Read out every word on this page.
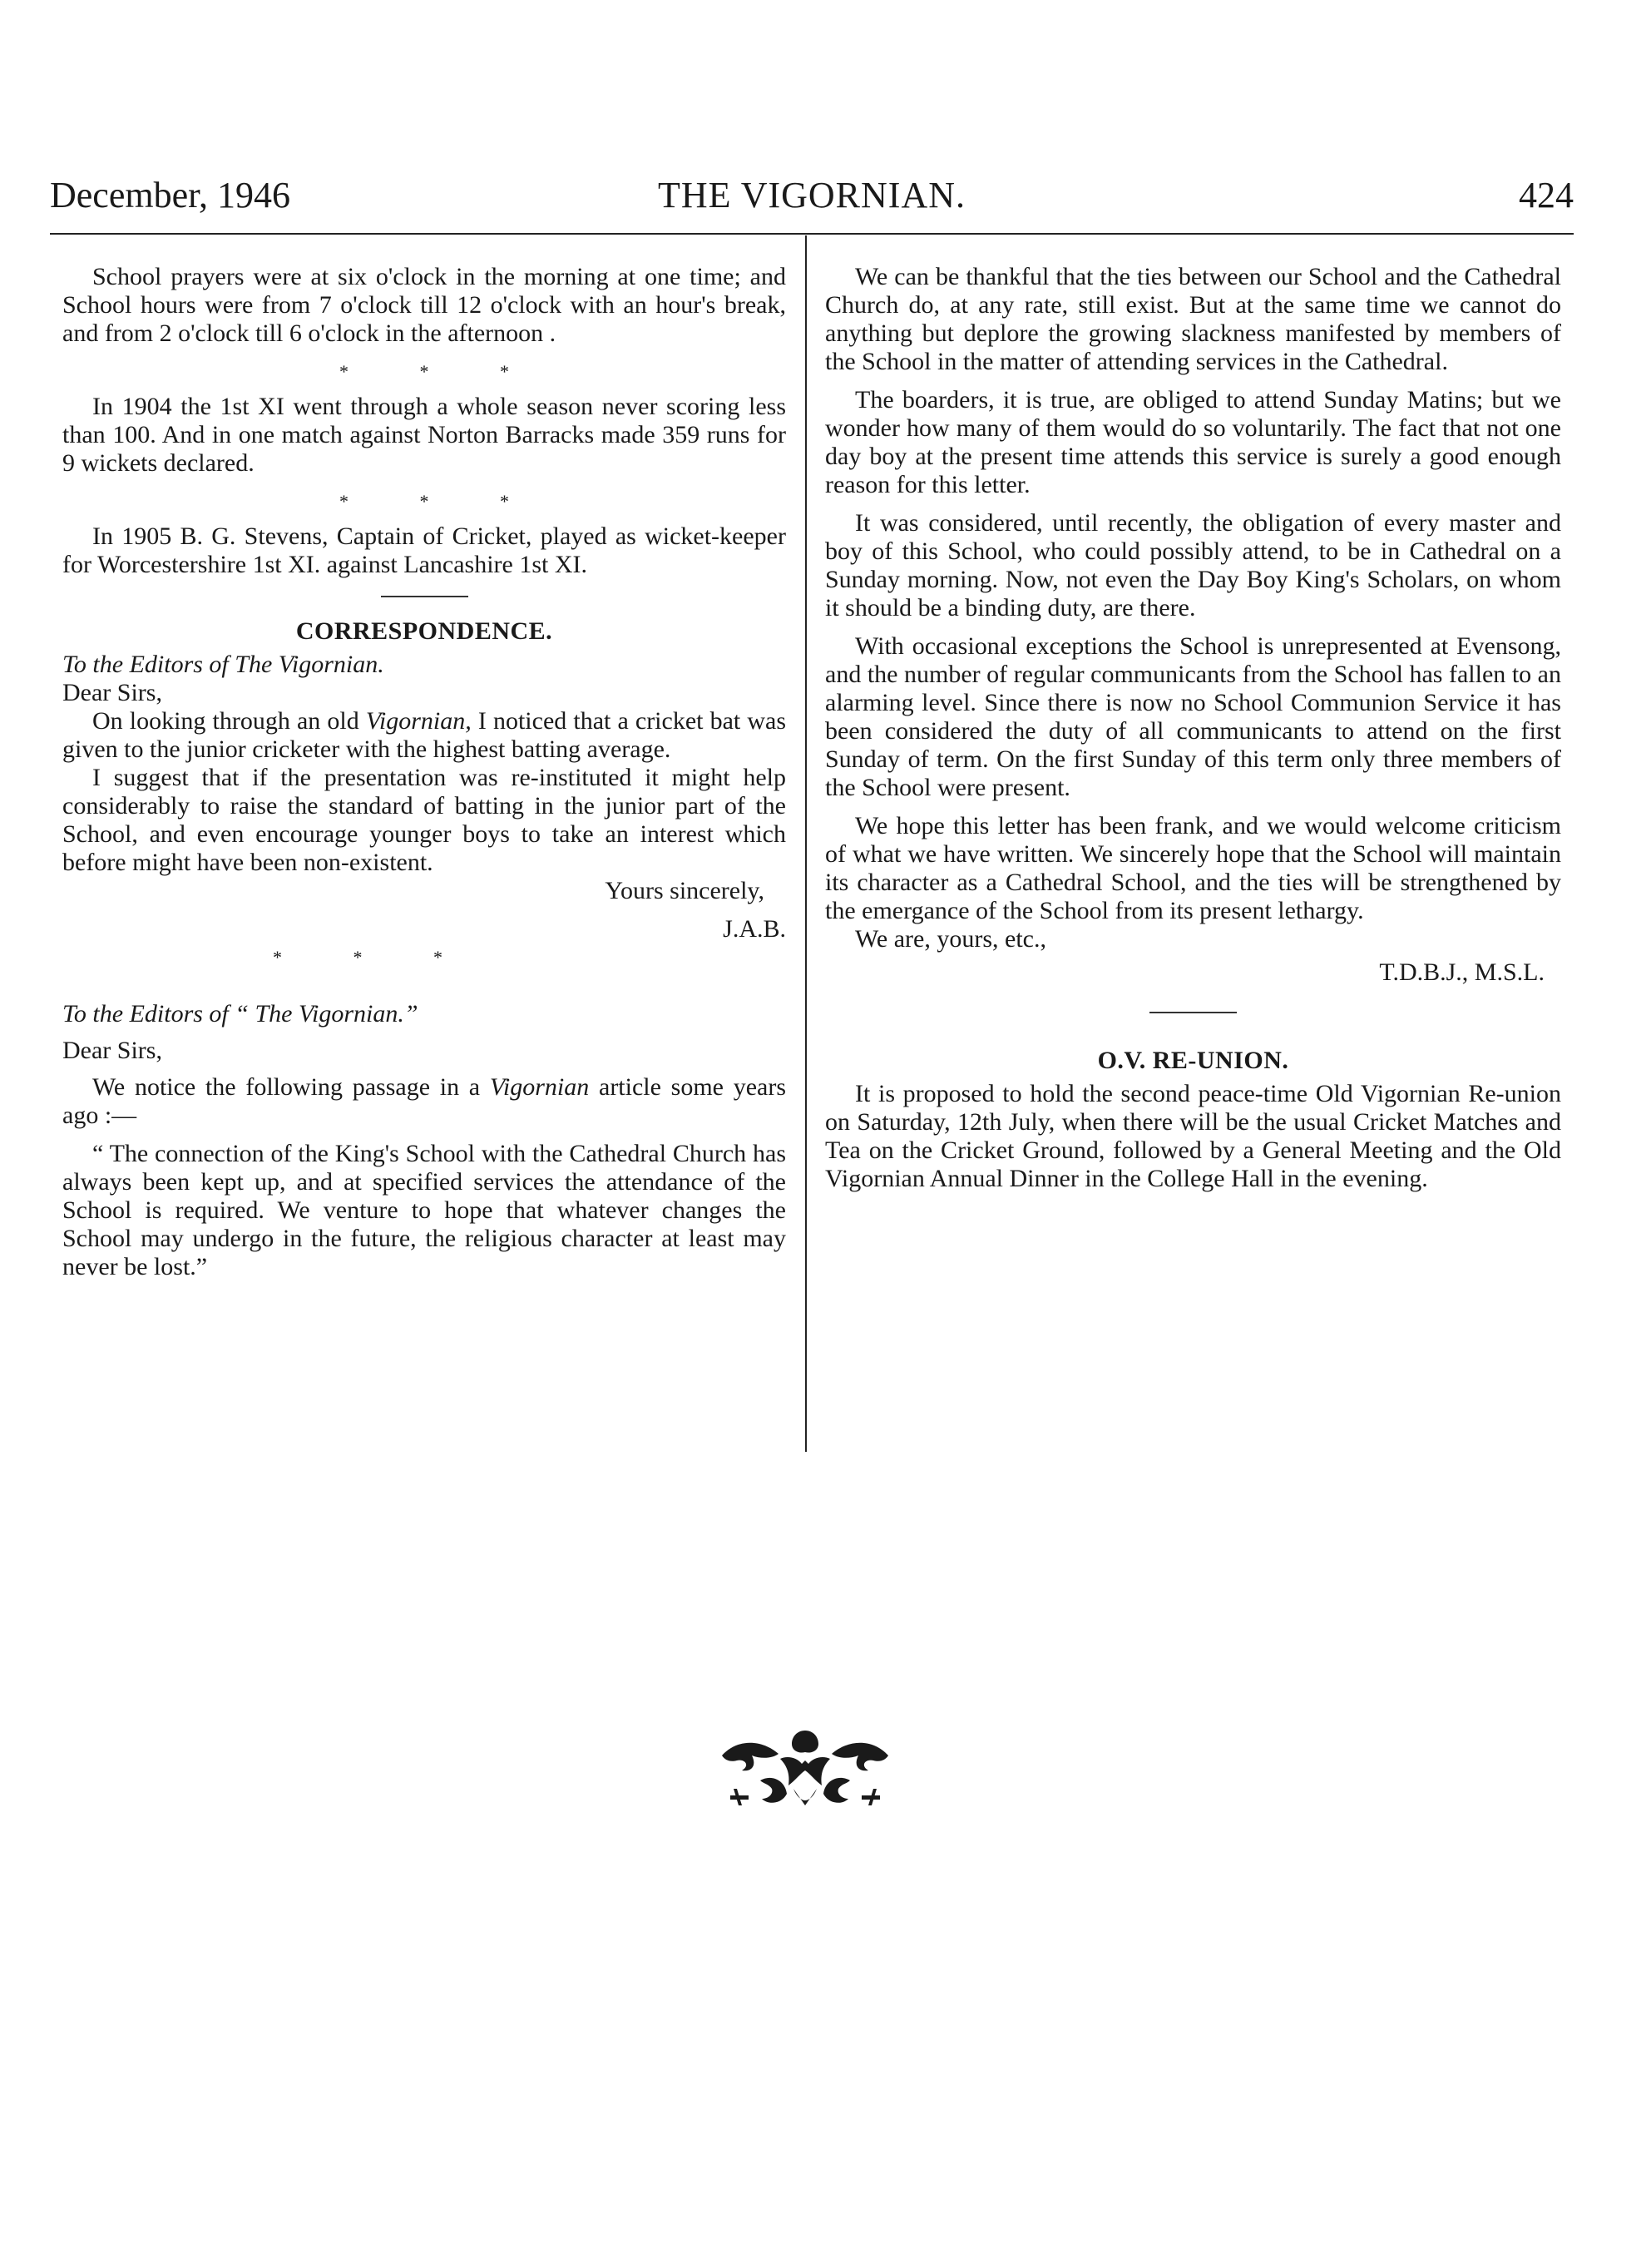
December, 1946	THE VIGORNIAN.	424

School prayers were at six o'clock in the morning at one time; and School hours were from 7 o'clock till 12 o'clock with an hour's break, and from 2 o'clock till 6 o'clock in the afternoon .

* * *

In 1904 the 1st XI went through a whole season never scoring less than 100. And in one match against Norton Barracks made 359 runs for 9 wickets declared.

* * *

In 1905 B. G. Stevens, Captain of Cricket, played as wicket-keeper for Worcestershire 1st XI. against Lancashire 1st XI.

CORRESPONDENCE.

To the Editors of The Vigornian.

Dear Sirs,

On looking through an old Vigornian, I noticed that a cricket bat was given to the junior cricketer with the highest batting average.

I suggest that if the presentation was re-instituted it might help considerably to raise the standard of batting in the junior part of the School, and even encourage younger boys to take an interest which before might have been non-existent.

Yours sincerely,

J.A.B.

* * *

To the Editors of “ The Vigornian.”

Dear Sirs,

We notice the following passage in a Vigornian article some years ago :—

“ The connection of the King's School with the Cathedral Church has always been kept up, and at specified services the attendance of the School is required. We venture to hope that whatever changes the School may undergo in the future, the religious character at least may never be lost.”

We can be thankful that the ties between our School and the Cathedral Church do, at any rate, still exist. But at the same time we cannot do anything but deplore the growing slackness manifested by members of the School in the matter of attending services in the Cathedral.

The boarders, it is true, are obliged to attend Sunday Matins; but we wonder how many of them would do so voluntarily. The fact that not one day boy at the present time attends this service is surely a good enough reason for this letter.

It was considered, until recently, the obligation of every master and boy of this School, who could possibly attend, to be in Cathedral on a Sunday morning. Now, not even the Day Boy King's Scholars, on whom it should be a binding duty, are there.

With occasional exceptions the School is unrepresented at Evensong, and the number of regular communicants from the School has fallen to an alarming level. Since there is now no School Communion Service it has been considered the duty of all communicants to attend on the first Sunday of term. On the first Sunday of this term only three members of the School were present.

We hope this letter has been frank, and we would welcome criticism of what we have written. We sincerely hope that the School will maintain its character as a Cathedral School, and the ties will be strengthened by the emergance of the School from its present lethargy.

We are, yours, etc.,

T.D.B.J., M.S.L.

O.V. RE-UNION.

It is proposed to hold the second peace-time Old Vigornian Re-union on Saturday, 12th July, when there will be the usual Cricket Matches and Tea on the Cricket Ground, followed by a General Meeting and the Old Vigornian Annual Dinner in the College Hall in the evening.
